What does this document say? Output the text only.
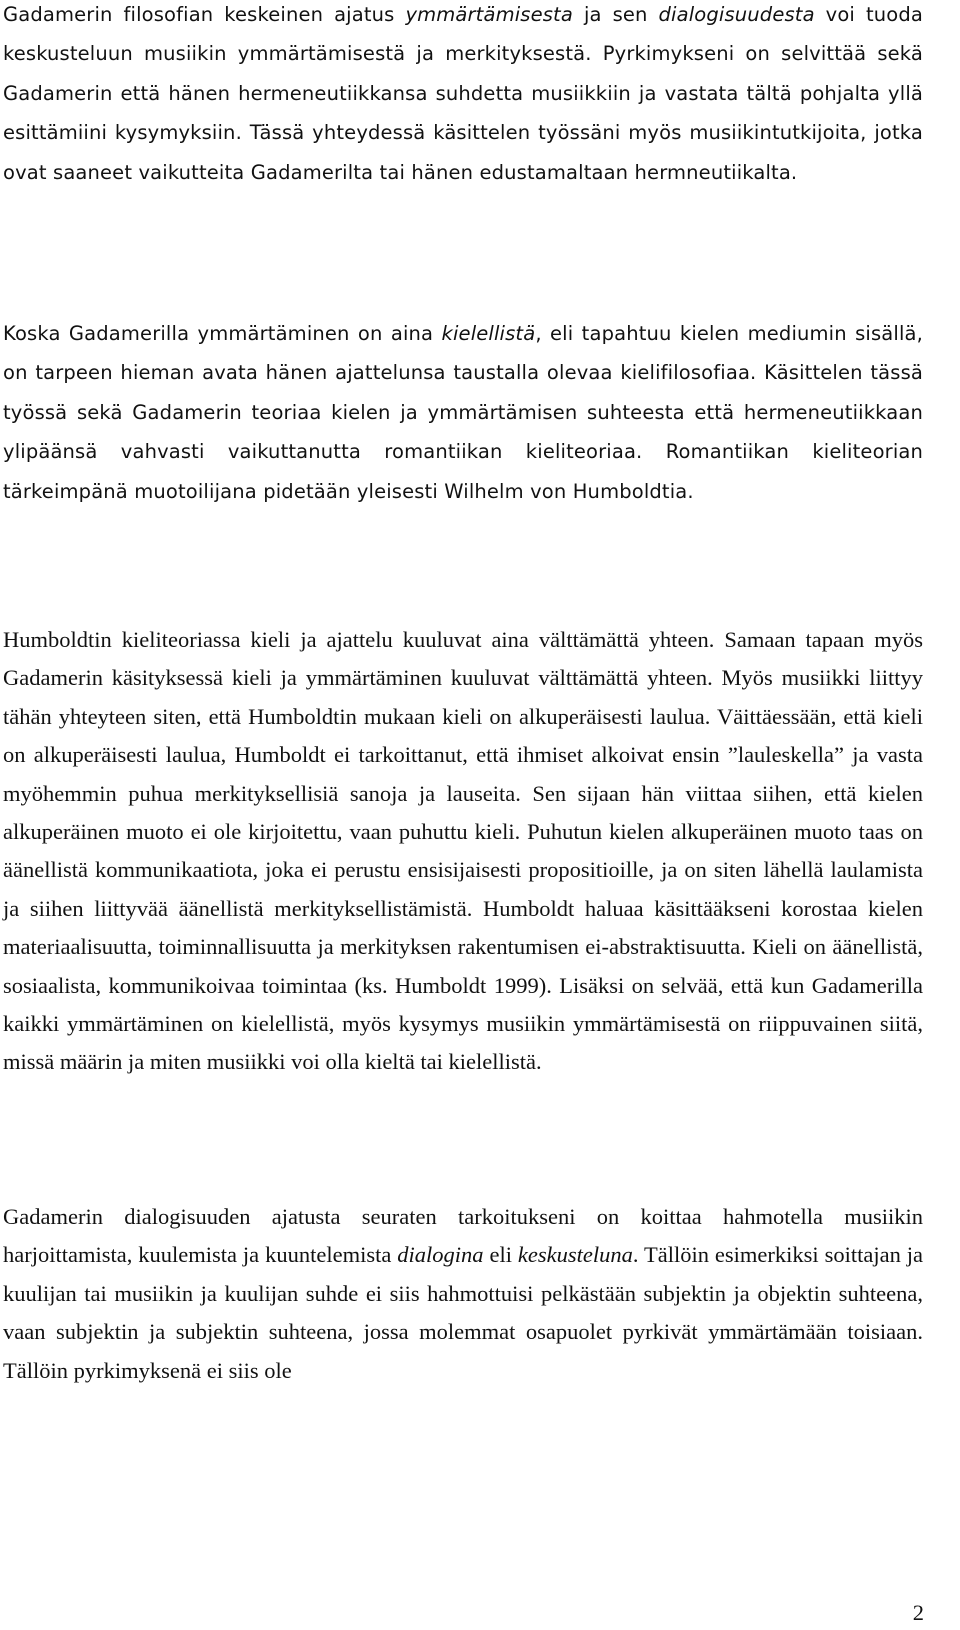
Gadamerin filosofian keskeinen ajatus ymmärtämisesta ja sen dialogisuudesta voi tuoda keskusteluun musiikin ymmärtämisestä ja merkityksestä. Pyrkimykseni on selvittää sekä Gadamerin että hänen hermeneutiikkansa suhdetta musiikkiin ja vastata tältä pohjalta yllä esittämiini kysymyksiin. Tässä yhteydessä käsittelen työssäni myös musiikintutkijoita, jotka ovat saaneet vaikutteita Gadamerilta tai hänen edustamaltaan hermneutiikalta.

Koska Gadamerilla ymmärtäminen on aina kielellistä, eli tapahtuu kielen mediumin sisällä, on tarpeen hieman avata hänen ajattelunsa taustalla olevaa kielifilosofiaa. Käsittelen tässä työssä sekä Gadamerin teoriaa kielen ja ymmärtämisen suhteesta että hermeneutiikkaan ylipäänsä vahvasti vaikuttanutta romantiikan kieliteoriaa. Romantiikan kieliteorian tärkeimpänä muotoilijana pidetään yleisesti Wilhelm von Humboldtia.

Humboldtin kieliteoriassa kieli ja ajattelu kuuluvat aina välttämättä yhteen. Samaan tapaan myös Gadamerin käsityksessä kieli ja ymmärtäminen kuuluvat välttämättä yhteen. Myös musiikki liittyy tähän yhteyteen siten, että Humboldtin mukaan kieli on alkuperäisesti laulua. Väittäessään, että kieli on alkuperäisesti laulua, Humboldt ei tarkoittanut, että ihmiset alkoivat ensin ”lauleskella” ja vasta myöhemmin puhua merkityksellisiä sanoja ja lauseita. Sen sijaan hän viittaa siihen, että kielen alkuperäinen muoto ei ole kirjoitettu, vaan puhuttu kieli. Puhutun kielen alkuperäinen muoto taas on äänellistä kommunikaatiota, joka ei perustu ensisijaisesti propositioille, ja on siten lähellä laulamista ja siihen liittyvää äänellistä merkityksellistämistä. Humboldt haluaa käsittääkseni korostaa kielen materiaalisuutta, toiminnallisuutta ja merkityksen rakentumisen ei-abstraktisuutta. Kieli on äänellistä, sosiaalista, kommunikoivaa toimintaa (ks. Humboldt 1999). Lisäksi on selvää, että kun Gadamerilla kaikki ymmärtäminen on kielellistä, myös kysymys musiikin ymmärtämisestä on riippuvainen siitä, missä määrin ja miten musiikki voi olla kieltä tai kielellistä.

Gadamerin dialogisuuden ajatusta seuraten tarkoitukseni on koittaa hahmotella musiikin harjoittamista, kuulemista ja kuuntelemista dialogina eli keskusteluna. Tällöin esimerkiksi soittajan ja kuulijan tai musiikin ja kuulijan suhde ei siis hahmottuisi pelkästään subjektin ja objektin suhteena, vaan subjektin ja subjektin suhteena, jossa molemmat osapuolet pyrkivät ymmärtämään toisiaan. Tällöin pyrkimyksenä ei siis ole

2
